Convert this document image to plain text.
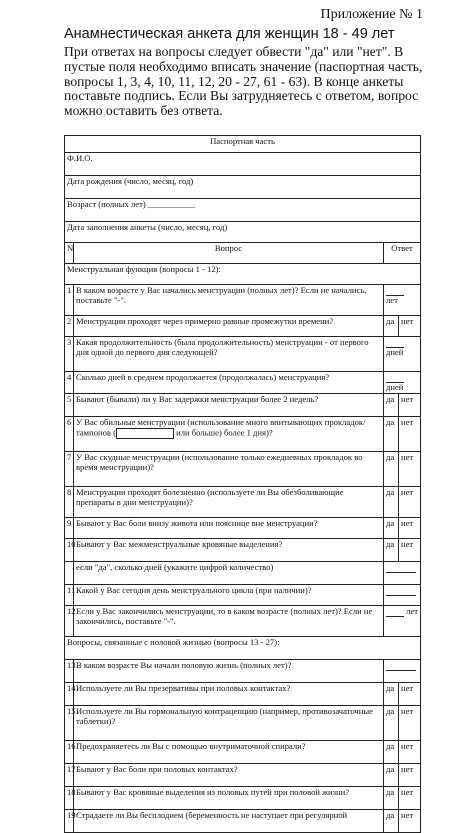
Приложение № 1
Анамнестическая анкета для женщин 18 - 49 лет
При ответах на вопросы следует обвести "да" или "нет". В пустые поля необходимо вписать значение (паспортная часть, вопросы 1, 3, 4, 10, 11, 12, 20 - 27, 61 - 63). В конце анкеты поставьте подпись. Если Вы затрудняетесь с ответом, вопрос можно оставить без ответа.
Паспортная часть			
Ф.И.О.			
Дата рождения (число, месяц, год)			
Возраст (полных лет) ___________			
Дата заполнения анкеты (число, месяц, год)			
N	Вопрос	Ответ	
Менструальная функция (вопросы 1 - 12):			
1	В каком возрасте у Вас начались менструации (полных лет)? Если не начались, поставьте "-".	лет	
2	Менструации проходят через примерно равные промежутки времени?	да	нет
3	Какая продолжительность (была продолжительность) менструации - от первого дня одной до первого дня следующей?	дней	
4	Сколько дней в среднем продолжается (продолжалась) менструация?	дней	
5	Бывают (бывали) ли у Вас задержки менструации более 2 недель?	да	нет
6	У Вас обильные менструации (использование много впитывающих прокладок/тампонов ( или больше) более 1 дня)?	да	нет
7	У Вас скудные менструации (использование только ежедневных прокладок во время менструации)?	да	нет
8	Менструации проходят болезненно (используете ли Вы обезболивающие препараты в дни менструации)?	да	нет
9	Бывают у Вас боли внизу живота или пояснице вне менструации?	да	нет
10	Бывают у Вас межменструальные кровяные выделения?	да	нет
	если "да", сколько дней (укажите цифрой количество)		
11	Какой у Вас сегодня день менструального цикла (при наличии)?		
12	Если у Вас закончились менструации, то в каком возрасте (полных лет)? Если не закончились, поставьте "-".	лет	
Вопросы, связанные с половой жизнью (вопросы 13 - 27):			
13	В каком возрасте Вы начали половую жизнь (полных лет)?		
14	Используете ли Вы презервативы при половых контактах?	да	нет
15	Используете ли Вы гормональную контрацепцию (например, противозачаточные таблетки)?	да	нет
16	Предохраняетесь ли Вы с помощью внутриматочной спирали?	да	нет
17	Бывают у Вас боли при половых контактах?	да	нет
18	Бывают у Вас кровяные выделения из половых путей при половой жизни?	да	нет
19	Страдаете ли Вы бесплодием (беременность не наступает при регулярной	да	нет
